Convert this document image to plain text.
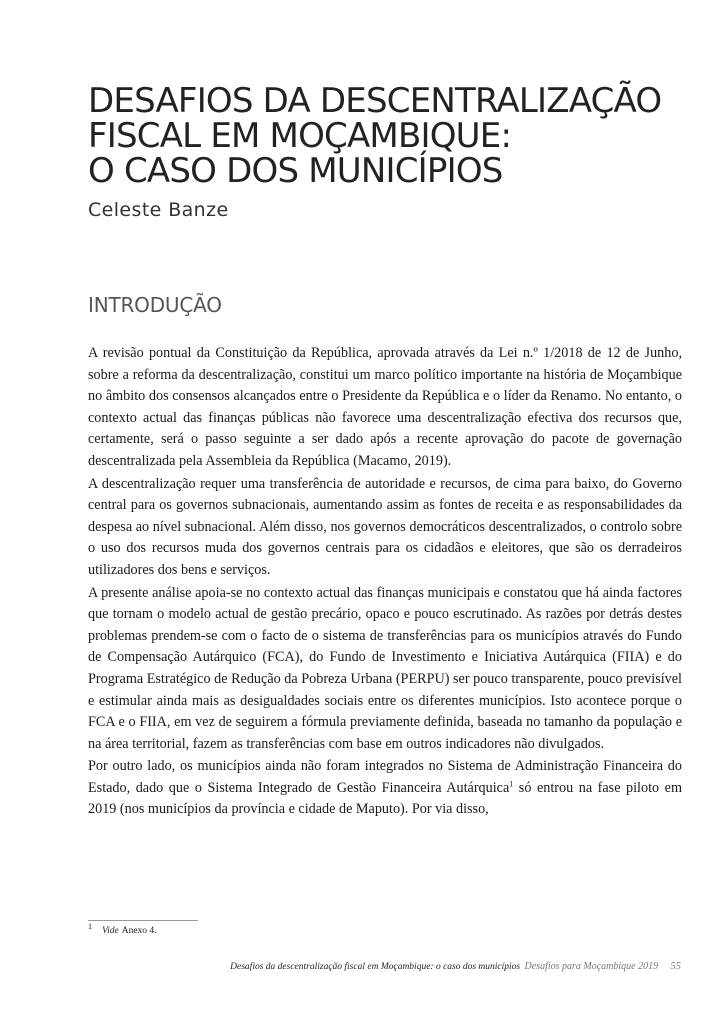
DESAFIOS DA DESCENTRALIZAÇÃO
FISCAL EM MOÇAMBIQUE:
O CASO DOS MUNICÍPIOS

Celeste Banze

INTRODUÇÃO

A revisão pontual da Constituição da República, aprovada através da Lei n.º 1/2018 de 12 de Junho, sobre a reforma da descentralização, constitui um marco político importante na história de Moçambique no âmbito dos consensos alcançados entre o Presidente da República e o líder da Renamo. No entanto, o contexto actual das finanças públicas não favorece uma descentralização efectiva dos recursos que, certamente, será o passo seguinte a ser dado após a recente aprovação do pacote de governação descentralizada pela Assembleia da República (Macamo, 2019).

A descentralização requer uma transferência de autoridade e recursos, de cima para baixo, do Governo central para os governos subnacionais, aumentando assim as fontes de receita e as responsabilidades da despesa ao nível subnacional. Além disso, nos governos democráticos descentralizados, o controlo sobre o uso dos recursos muda dos governos centrais para os cidadãos e eleitores, que são os derradeiros utilizadores dos bens e serviços.

A presente análise apoia-se no contexto actual das finanças municipais e constatou que há ainda factores que tornam o modelo actual de gestão precário, opaco e pouco escrutinado. As razões por detrás destes problemas prendem-se com o facto de o sistema de transferências para os municípios através do Fundo de Compensação Autárquico (FCA), do Fundo de Investimento e Iniciativa Autárquica (FIIA) e do Programa Estratégico de Redução da Pobreza Urbana (PERPU) ser pouco transparente, pouco previsível e estimular ainda mais as desigualdades sociais entre os diferentes municípios. Isto acontece porque o FCA e o FIIA, em vez de seguirem a fórmula previamente definida, baseada no tamanho da população e na área territorial, fazem as transferências com base em outros indicadores não divulgados.

Por outro lado, os municípios ainda não foram integrados no Sistema de Administração Financeira do Estado, dado que o Sistema Integrado de Gestão Financeira Autárquica$^1$ só entrou na fase piloto em 2019 (nos municípios da província e cidade de Maputo). Por via disso,

$^1$ Vide Anexo 4.

Desafios da descentralização fiscal em Moçambique: o caso dos municípios Desafios para Moçambique 2019 55
